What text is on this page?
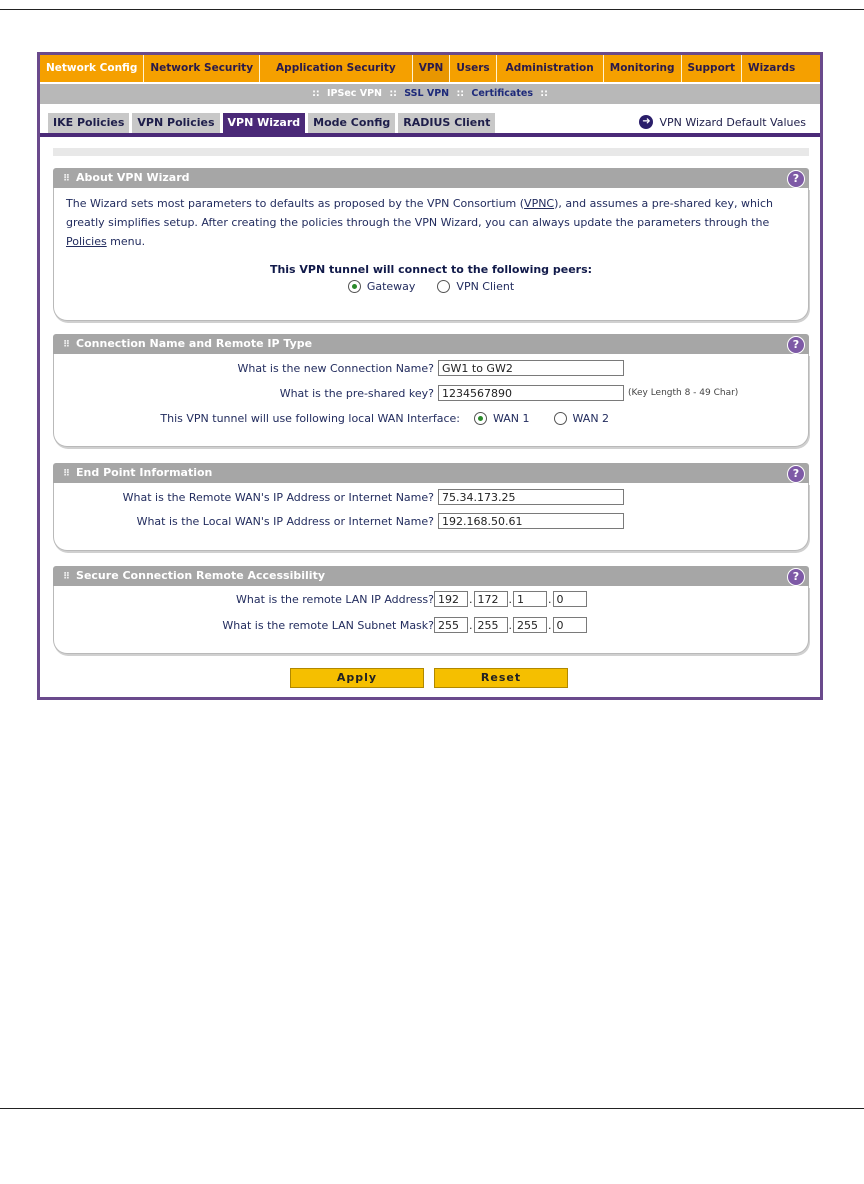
Network Config	Network Security	Application Security	VPN	Users	Administration	Monitoring	Support	Wizards
:: IPSec VPN :: SSL VPN :: Certificates ::
IKE Policies	VPN Policies	VPN Wizard	Mode Config	RADIUS Client	➜ VPN Wizard Default Values
⠿ About VPN Wizard	?
The Wizard sets most parameters to defaults as proposed by the VPN Consortium (VPNC), and assumes a pre-shared key, which greatly simplifies setup. After creating the policies through the VPN Wizard, you can always update the parameters through the Policies menu.
This VPN tunnel will connect to the following peers:
Gateway	VPN Client
⠿ Connection Name and Remote IP Type	?
What is the new Connection Name?
GW1 to GW2
What is the pre-shared key?
1234567890	(Key Length 8 - 49 Char)
This VPN tunnel will use following local WAN Interface:	WAN 1	WAN 2
⠿ End Point Information	?
What is the Remote WAN's IP Address or Internet Name?
75.34.173.25
What is the Local WAN's IP Address or Internet Name?
192.168.50.61
⠿ Secure Connection Remote Accessibility	?
What is the remote LAN IP Address?
192	.
172	.
1	.
0
What is the remote LAN Subnet Mask?
255	.
255	.
255	.
0
Apply	Reset
